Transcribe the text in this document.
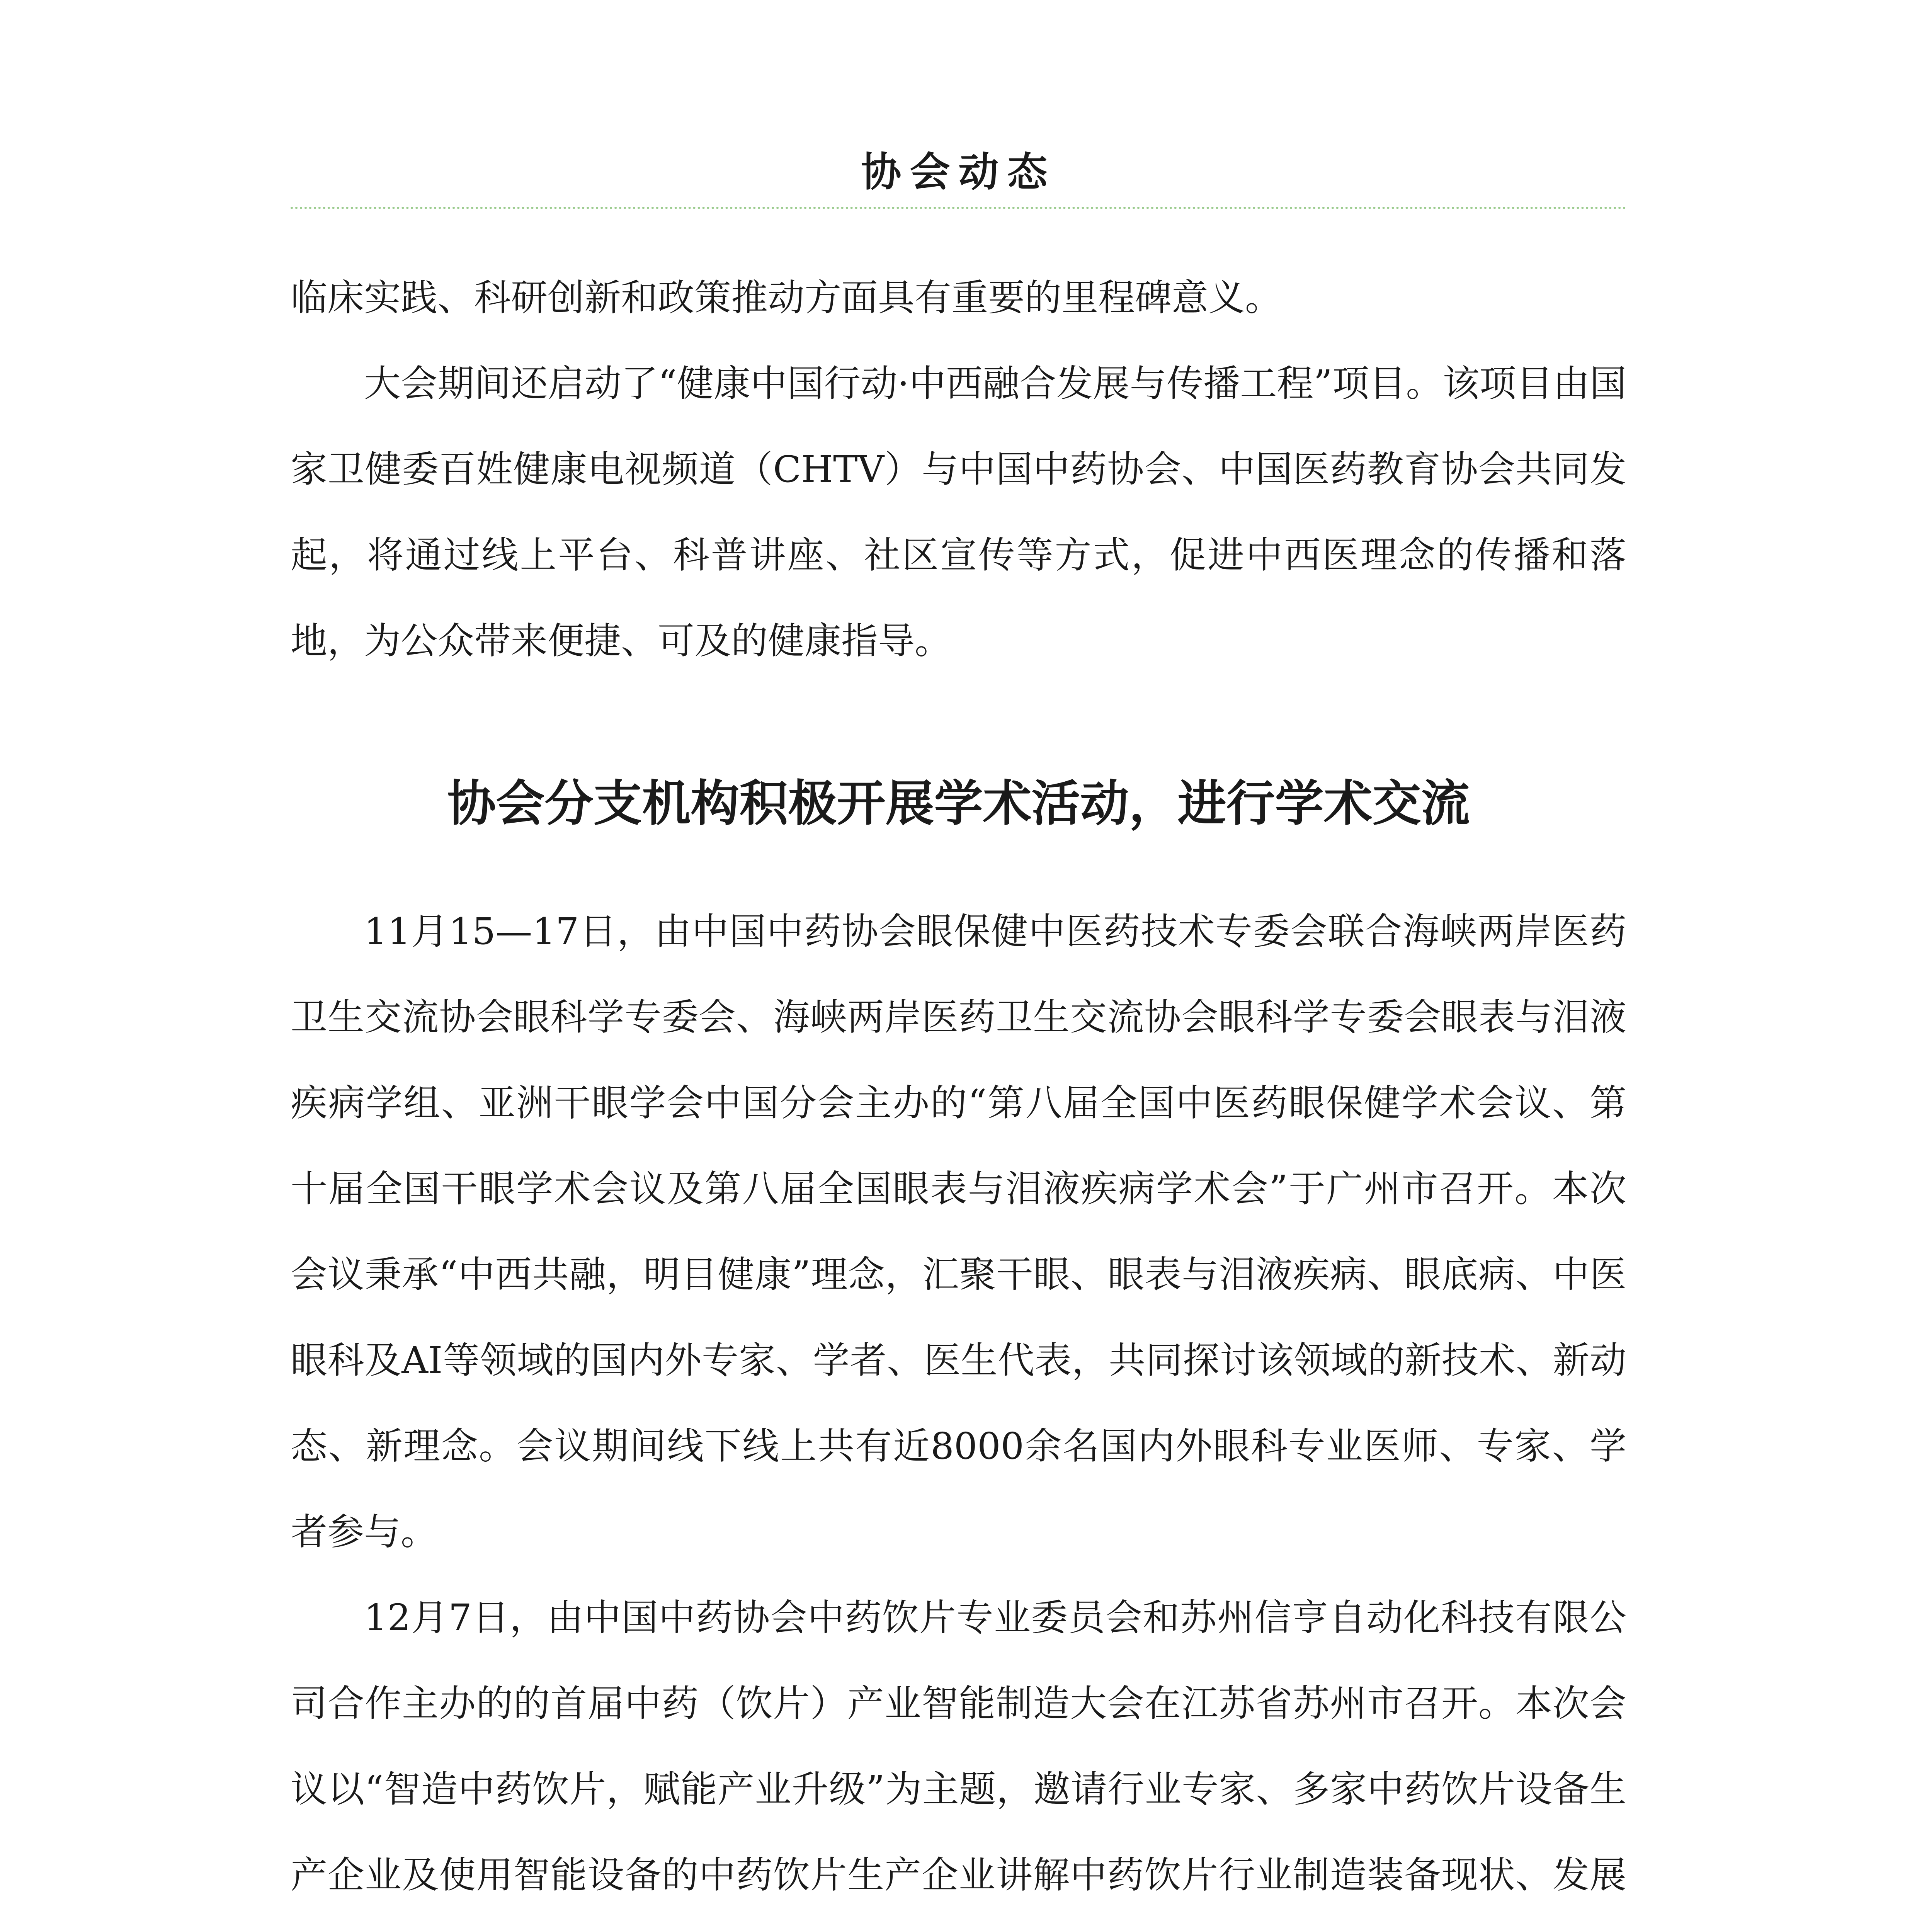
协会动态

临床实践、科研创新和政策推动方面具有重要的里程碑意义。

大会期间还启动了“健康中国行动·中西融合发展与传播工程”项目。该项目由国家卫健委百姓健康电视频道（CHTV）与中国中药协会、中国医药教育协会共同发起，将通过线上平台、科普讲座、社区宣传等方式，促进中西医理念的传播和落地，为公众带来便捷、可及的健康指导。

协会分支机构积极开展学术活动，进行学术交流

11月15—17日，由中国中药协会眼保健中医药技术专委会联合海峡两岸医药卫生交流协会眼科学专委会、海峡两岸医药卫生交流协会眼科学专委会眼表与泪液疾病学组、亚洲干眼学会中国分会主办的“第八届全国中医药眼保健学术会议、第十届全国干眼学术会议及第八届全国眼表与泪液疾病学术会”于广州市召开。本次会议秉承“中西共融，明目健康”理念，汇聚干眼、眼表与泪液疾病、眼底病、中医眼科及AI等领域的国内外专家、学者、医生代表，共同探讨该领域的新技术、新动态、新理念。会议期间线下线上共有近8000余名国内外眼科专业医师、专家、学者参与。

12月7日，由中国中药协会中药饮片专业委员会和苏州信亨自动化科技有限公司合作主办的的首届中药（饮片）产业智能制造大会在江苏省苏州市召开。本次会议以“智造中药饮片，赋能产业升级”为主题，邀请行业专家、多家中药饮片设备生产企业及使用智能设备的中药饮片生产企业讲解中药饮片行业制造装备现状、发展
